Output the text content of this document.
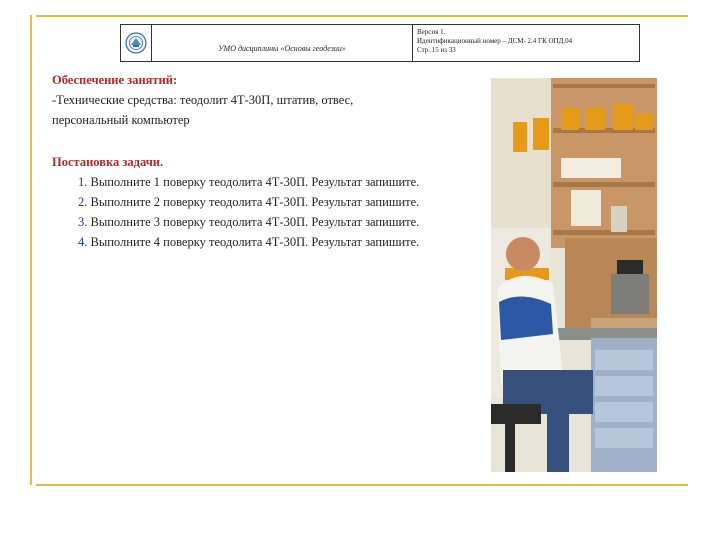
УМО дисциплины «Основы геодезии»
Версия 1.
Идентификационный номер – ДСМ- 2.4 ГК ОПД.04
Стр. 15 из 33
Обеспечение занятий:
-Технические средства: теодолит 4Т-30П, штатив, отвес,
персональный компьютер
Постановка задачи.
1. Выполните 1 поверку теодолита 4Т-30П. Результат запишите.
2. Выполните 2 поверку теодолита 4Т-30П. Результат запишите.
3. Выполните 3 поверку теодолита 4Т-30П. Результат запишите.
4. Выполните 4 поверку теодолита 4Т-30П. Результат запишите.
